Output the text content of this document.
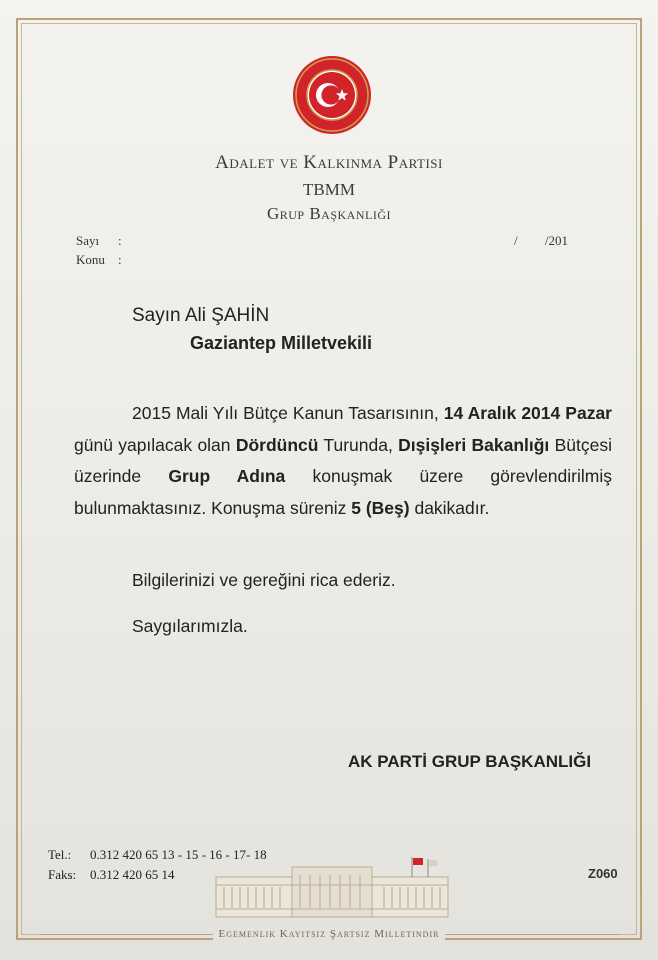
Adalet ve Kalkınma Partisi
TBMM
Grup Başkanlığı
Sayı :
Konu :
/ /201
Sayın Ali ŞAHİN
Gaziantep Milletvekili
2015 Mali Yılı Bütçe Kanun Tasarısının, 14 Aralık 2014 Pazar günü yapılacak olan Dördüncü Turunda, Dışişleri Bakanlığı Bütçesi üzerinde Grup Adına konuşmak üzere görevlendirilmiş bulunmaktasınız. Konuşma süreniz 5 (Beş) dakikadır.
Bilgilerinizi ve gereğini rica ederiz.
Saygılarımızla.
AK PARTİ GRUP BAŞKANLIĞI
Tel.: 0.312 420 65 13 - 15 - 16 - 17- 18
Faks: 0.312 420 65 14	Z060
Egemenlik Kayıtsız Şartsız Milletindir
